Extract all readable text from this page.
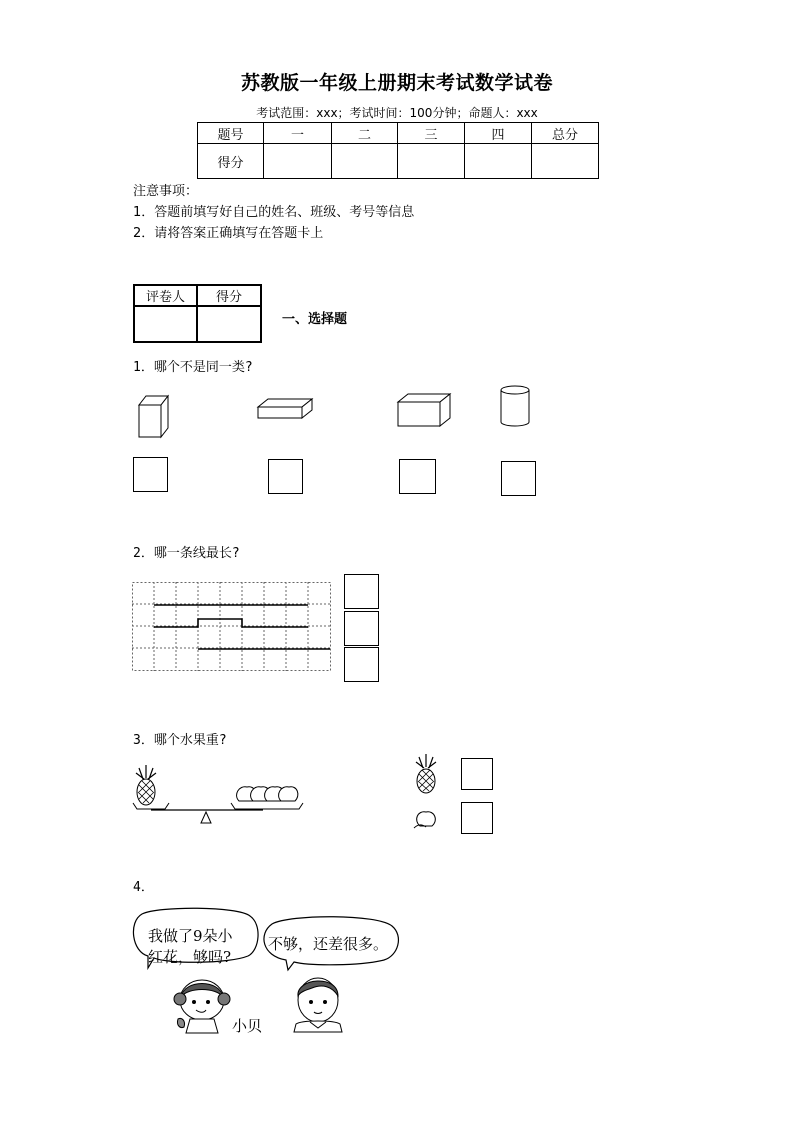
苏教版一年级上册期末考试数学试卷
考试范围：xxx；考试时间：100分钟；命题人：xxx
题号	一	二	三	四	总分
得分					
注意事项：
1．答题前填写好自己的姓名、班级、考号等信息
2．请将答案正确填写在答题卡上
评卷人	得分

一、选择题
1．哪个不是同一类?
2．哪一条线最长?
3．哪个水果重?
4．
我做了9朵小
红花，够吗?
不够，还差很多。
小贝
